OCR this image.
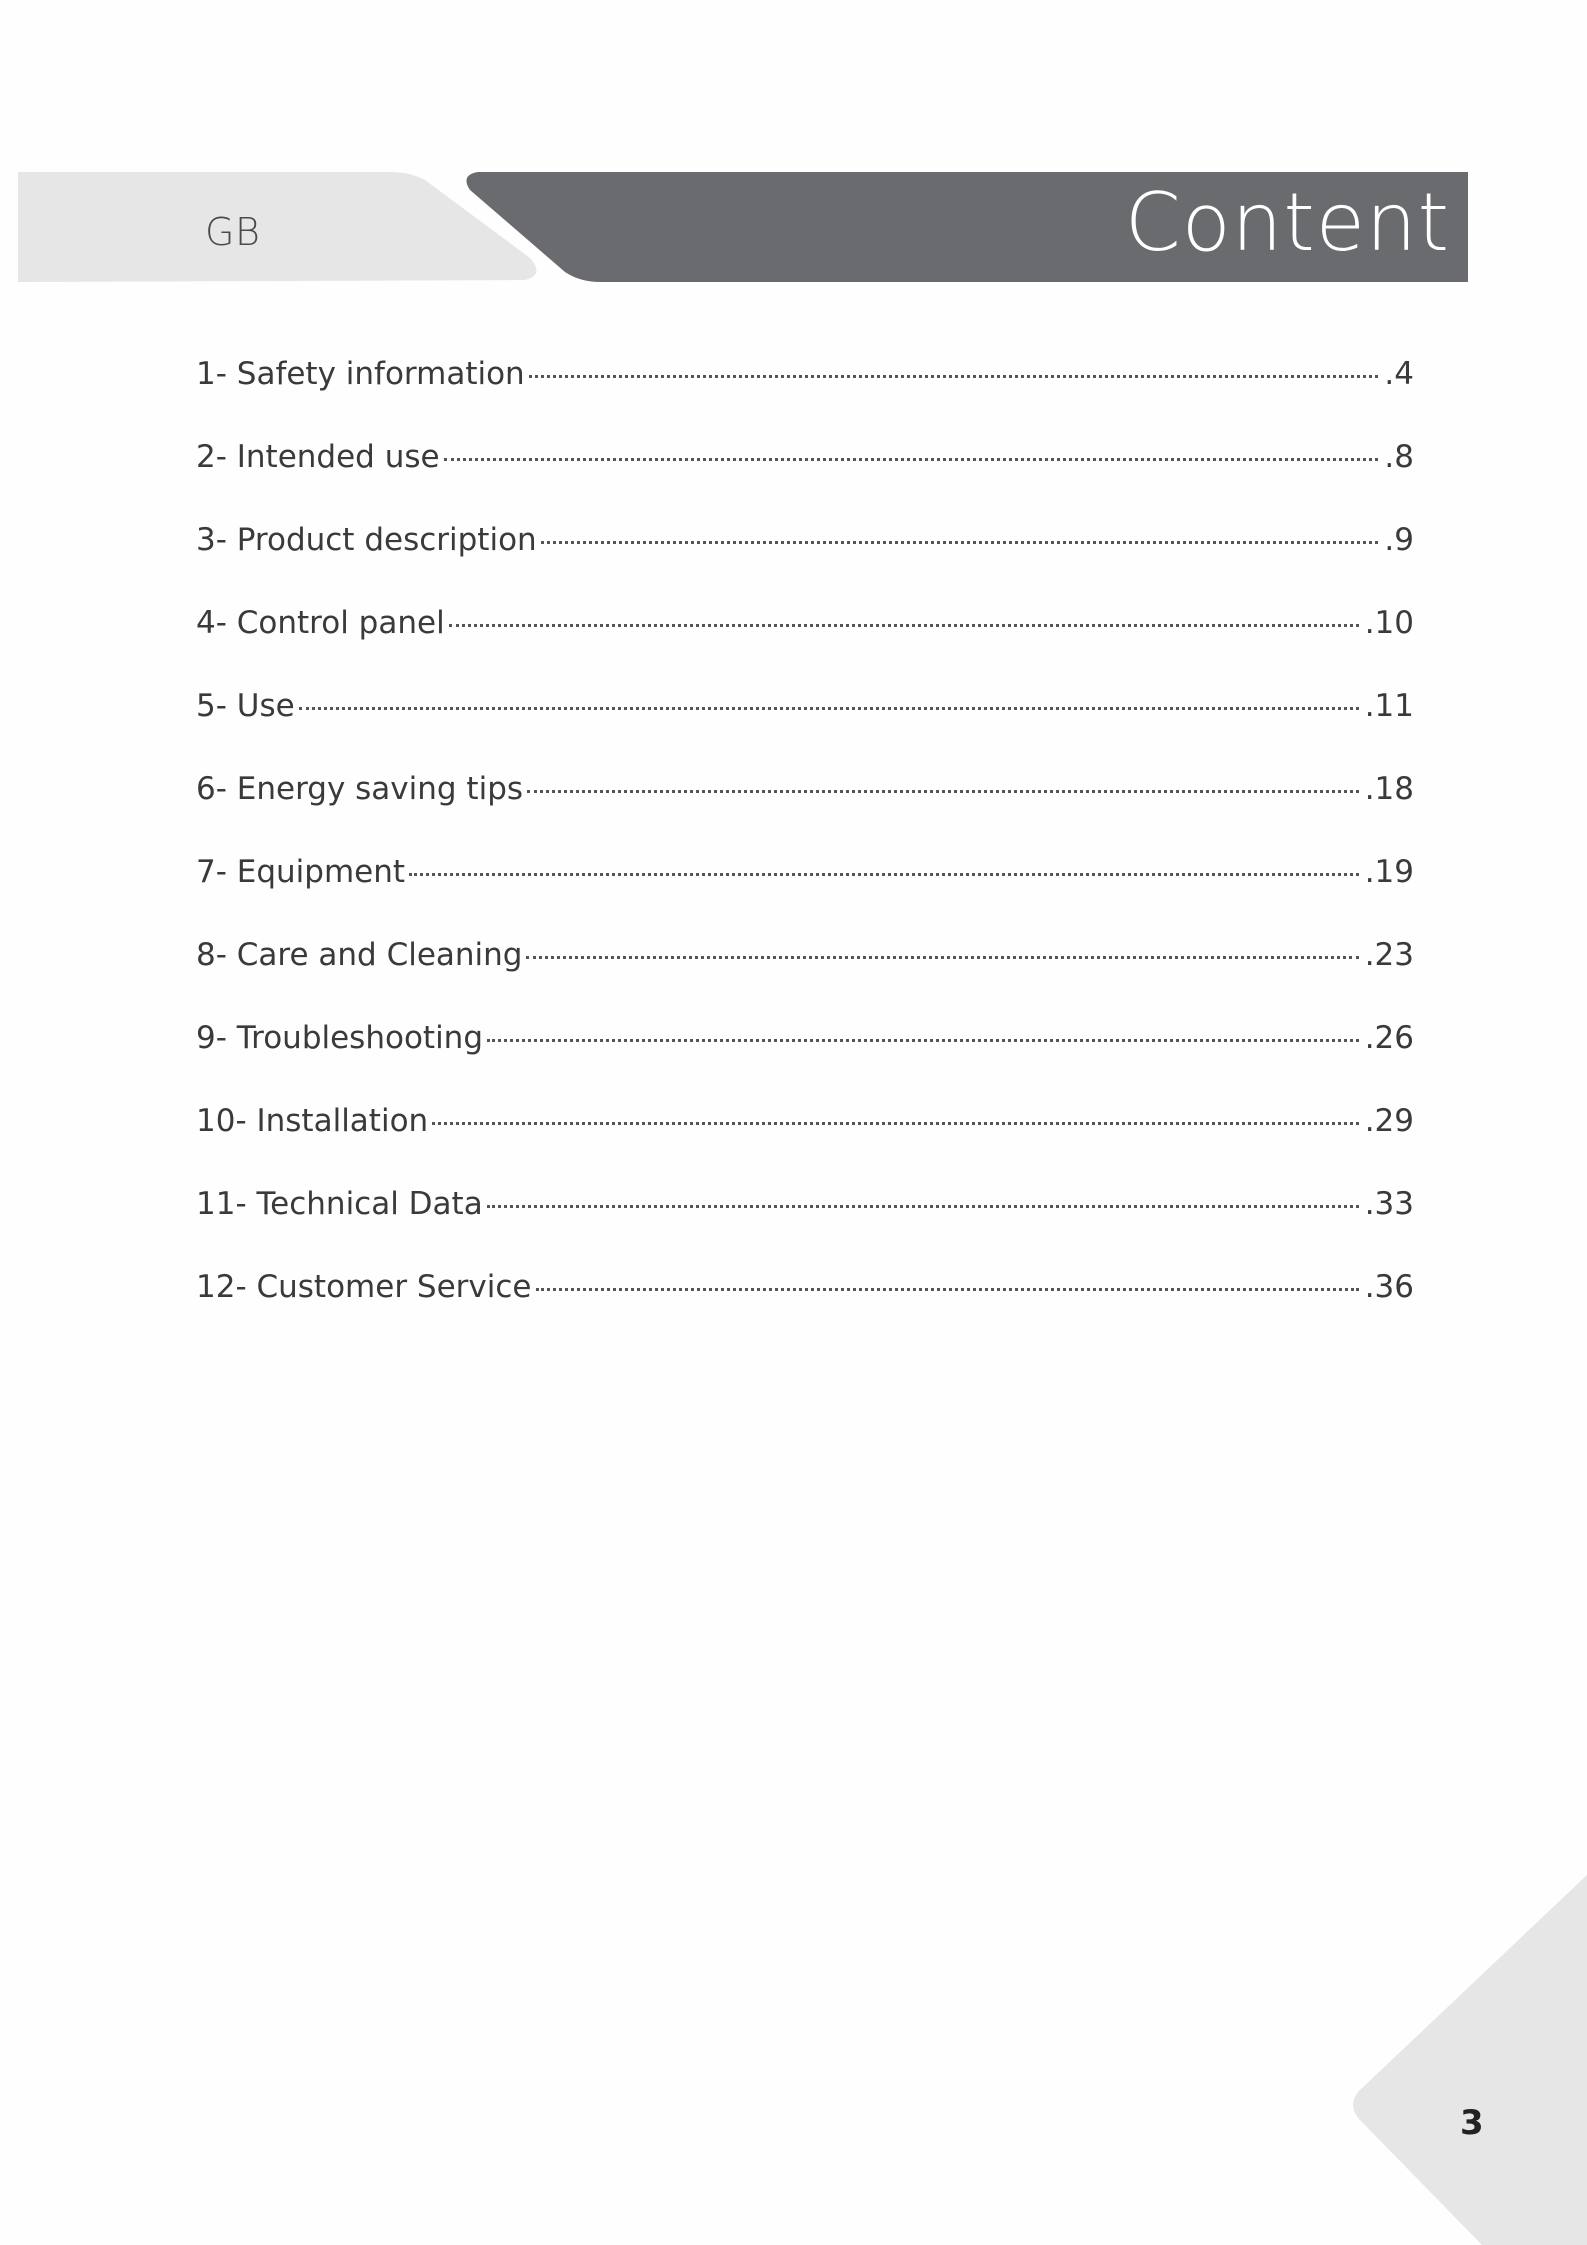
GB	Content
1- Safety information	.4
2- Intended use	.8
3- Product description	.9
4- Control panel	.10
5- Use	.11
6- Energy saving tips	.18
7- Equipment	.19
8- Care and Cleaning	.23
9- Troubleshooting	.26
10- Installation	.29
11- Technical Data	.33
12- Customer Service	.36
3
